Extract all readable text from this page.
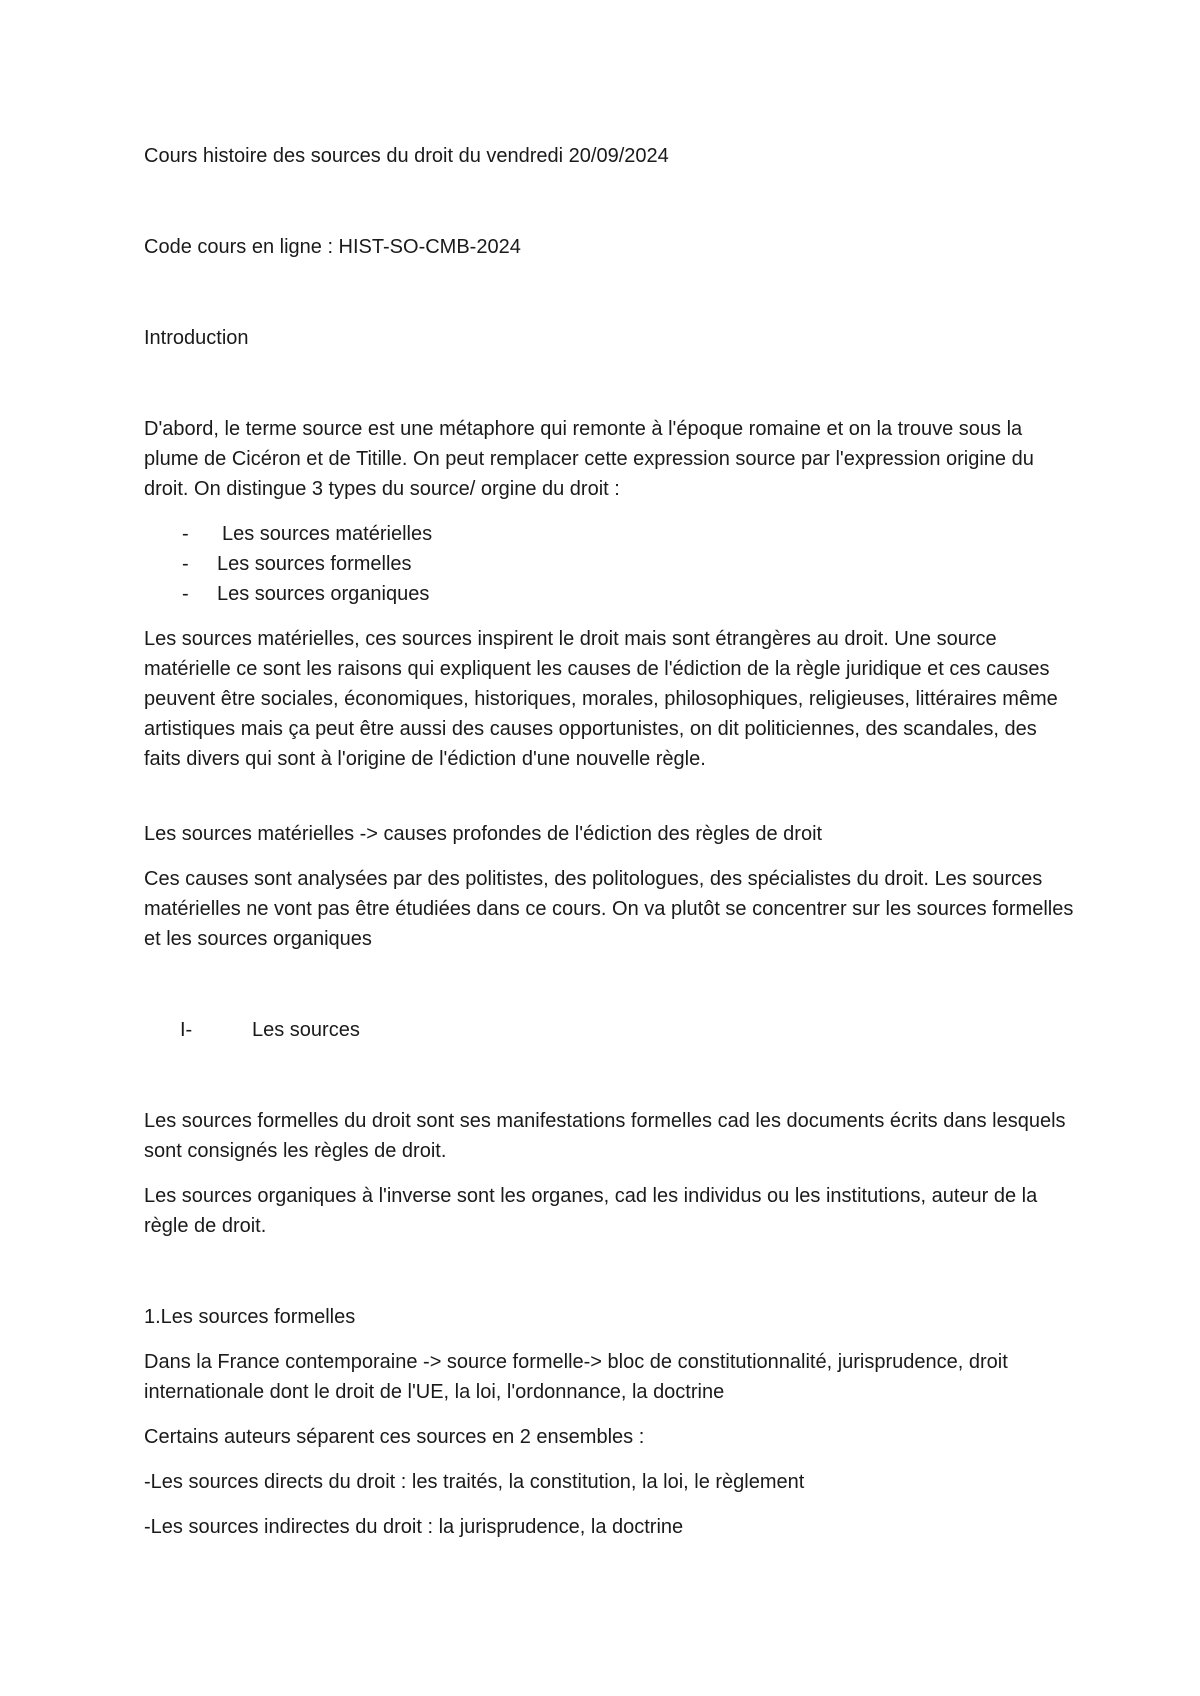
Cours histoire des sources du droit du vendredi 20/09/2024
Code cours en ligne : HIST-SO-CMB-2024
Introduction

D'abord, le terme source est une métaphore qui remonte à l'époque romaine et on la trouve sous la plume de Cicéron et de Titille. On peut remplacer cette expression source par l'expression origine du droit. On distingue 3 types du source/ orgine du droit :

- Les sources matérielles
- Les sources formelles
- Les sources organiques

Les sources matérielles, ces sources inspirent le droit mais sont étrangères au droit. Une source matérielle ce sont les raisons qui expliquent les causes de l'édiction de la règle juridique et ces causes peuvent être sociales, économiques, historiques, morales, philosophiques, religieuses, littéraires même artistiques mais ça peut être aussi des causes opportunistes, on dit politiciennes, des scandales, des faits divers qui sont à l'origine de l'édiction d'une nouvelle règle.

Les sources matérielles -> causes profondes de l'édiction des règles de droit

Ces causes sont analysées par des politistes, des politologues, des spécialistes du droit. Les sources matérielles ne vont pas être étudiées dans ce cours. On va plutôt se concentrer sur les sources formelles et les sources organiques

I-	Les sources

Les sources formelles du droit sont ses manifestations formelles cad les documents écrits dans lesquels sont consignés les règles de droit.

Les sources organiques à l'inverse sont les organes, cad les individus ou les institutions, auteur de la règle de droit.

1.Les sources formelles

Dans la France contemporaine -> source formelle-> bloc de constitutionnalité, jurisprudence, droit internationale dont le droit de l'UE, la loi, l'ordonnance, la doctrine

Certains auteurs séparent ces sources en 2 ensembles :

-Les sources directs du droit : les traités, la constitution, la loi, le règlement

-Les sources indirectes du droit : la jurisprudence, la doctrine
